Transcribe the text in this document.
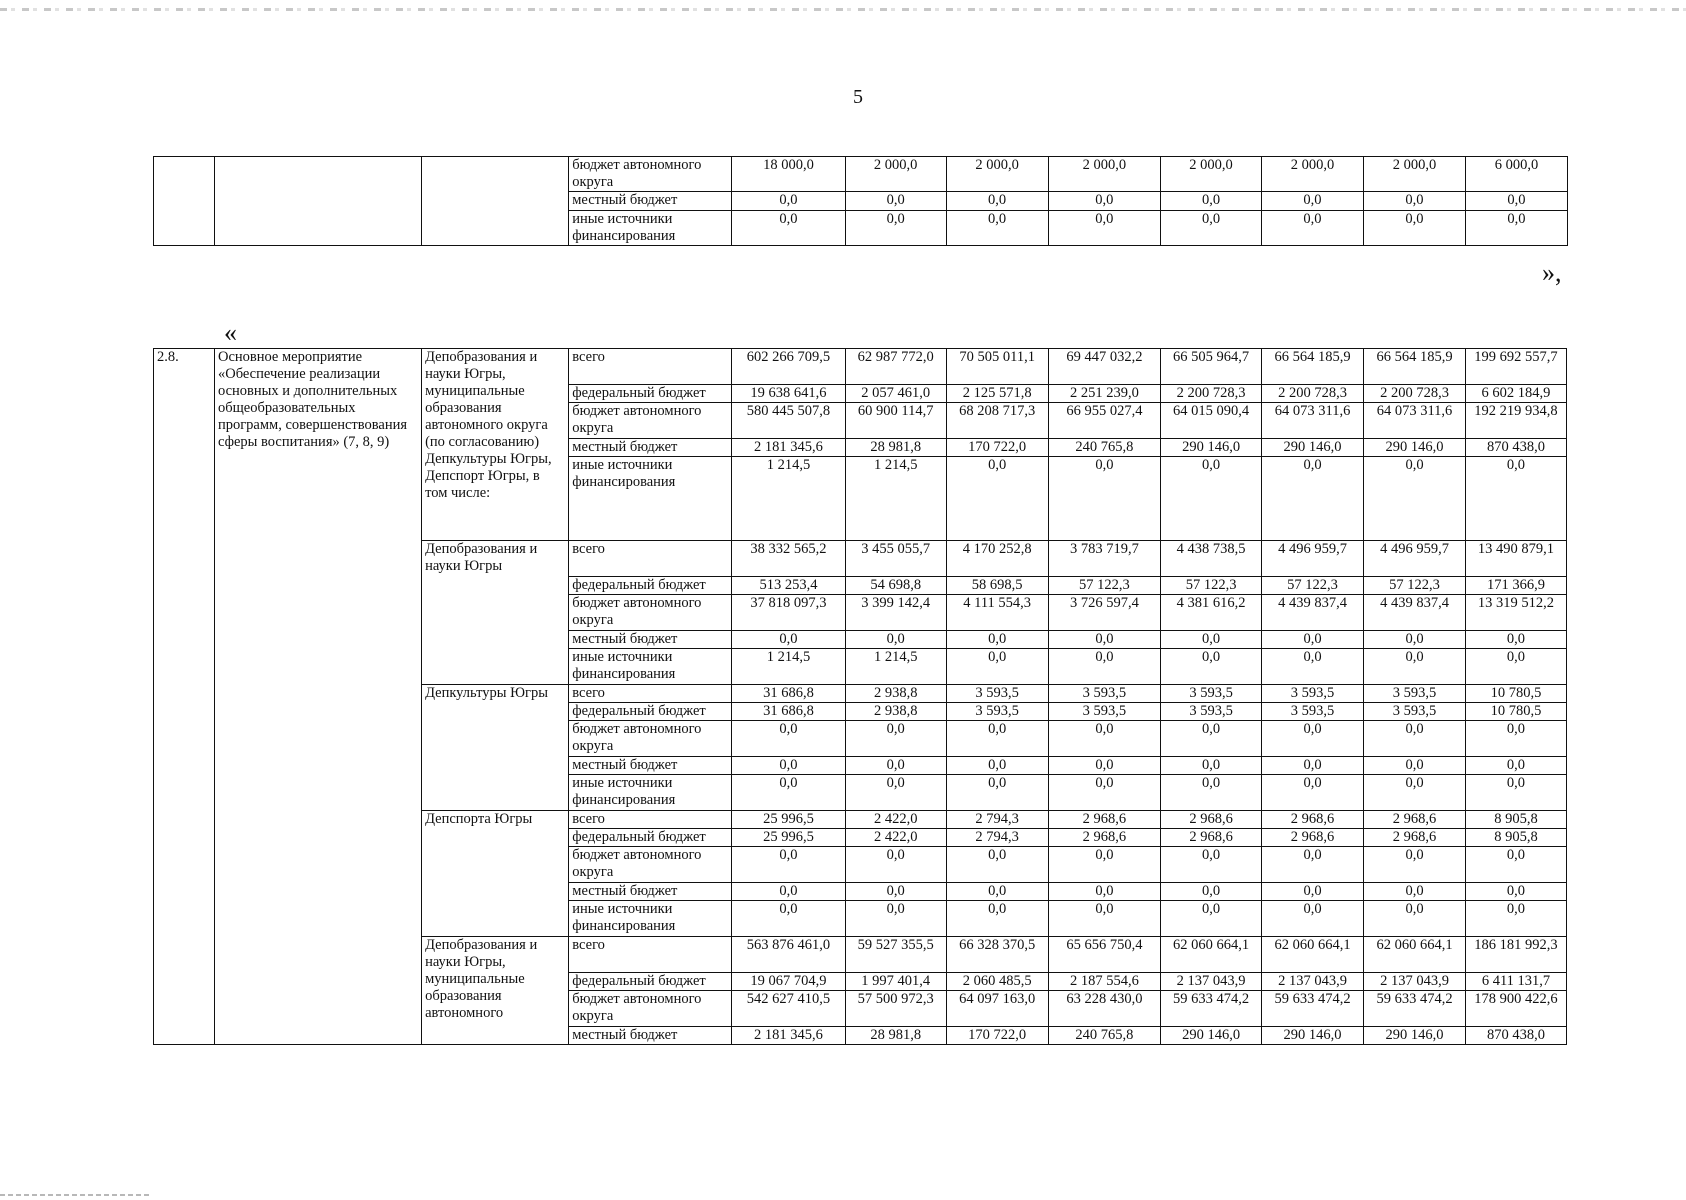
5
			бюджет автономного округа	18 000,0	2 000,0	2 000,0	2 000,0	2 000,0	2 000,0	2 000,0	6 000,0
			местный бюджет	0,0	0,0	0,0	0,0	0,0	0,0	0,0	0,0
			иные источники финансирования	0,0	0,0	0,0	0,0	0,0	0,0	0,0	0,0
»,
«
2.8.	Основное мероприятие «Обеспечение реализации основных и дополнительных общеобразовательных программ, совершенствования сферы воспитания» (7, 8, 9)	Депобразования и науки Югры, муниципальные образования автономного округа (по согласованию) Депкультуры Югры, Депспорт Югры, в том числе:	всего	602 266 709,5	62 987 772,0	70 505 011,1	69 447 032,2	66 505 964,7	66 564 185,9	66 564 185,9	199 692 557,7
			федеральный бюджет	19 638 641,6	2 057 461,0	2 125 571,8	2 251 239,0	2 200 728,3	2 200 728,3	2 200 728,3	6 602 184,9
			бюджет автономного округа	580 445 507,8	60 900 114,7	68 208 717,3	66 955 027,4	64 015 090,4	64 073 311,6	64 073 311,6	192 219 934,8
			местный бюджет	2 181 345,6	28 981,8	170 722,0	240 765,8	290 146,0	290 146,0	290 146,0	870 438,0
			иные источники финансирования	1 214,5	1 214,5	0,0	0,0	0,0	0,0	0,0	0,0
		Депобразования и науки Югры	всего	38 332 565,2	3 455 055,7	4 170 252,8	3 783 719,7	4 438 738,5	4 496 959,7	4 496 959,7	13 490 879,1
			федеральный бюджет	513 253,4	54 698,8	58 698,5	57 122,3	57 122,3	57 122,3	57 122,3	171 366,9
			бюджет автономного округа	37 818 097,3	3 399 142,4	4 111 554,3	3 726 597,4	4 381 616,2	4 439 837,4	4 439 837,4	13 319 512,2
			местный бюджет	0,0	0,0	0,0	0,0	0,0	0,0	0,0	0,0
			иные источники финансирования	1 214,5	1 214,5	0,0	0,0	0,0	0,0	0,0	0,0
		Депкультуры Югры	всего	31 686,8	2 938,8	3 593,5	3 593,5	3 593,5	3 593,5	3 593,5	10 780,5
			федеральный бюджет	31 686,8	2 938,8	3 593,5	3 593,5	3 593,5	3 593,5	3 593,5	10 780,5
			бюджет автономного округа	0,0	0,0	0,0	0,0	0,0	0,0	0,0	0,0
			местный бюджет	0,0	0,0	0,0	0,0	0,0	0,0	0,0	0,0
			иные источники финансирования	0,0	0,0	0,0	0,0	0,0	0,0	0,0	0,0
		Депспорта Югры	всего	25 996,5	2 422,0	2 794,3	2 968,6	2 968,6	2 968,6	2 968,6	8 905,8
			федеральный бюджет	25 996,5	2 422,0	2 794,3	2 968,6	2 968,6	2 968,6	2 968,6	8 905,8
			бюджет автономного округа	0,0	0,0	0,0	0,0	0,0	0,0	0,0	0,0
			местный бюджет	0,0	0,0	0,0	0,0	0,0	0,0	0,0	0,0
			иные источники финансирования	0,0	0,0	0,0	0,0	0,0	0,0	0,0	0,0
		Депобразования и науки Югры, муниципальные образования автономного	всего	563 876 461,0	59 527 355,5	66 328 370,5	65 656 750,4	62 060 664,1	62 060 664,1	62 060 664,1	186 181 992,3
			федеральный бюджет	19 067 704,9	1 997 401,4	2 060 485,5	2 187 554,6	2 137 043,9	2 137 043,9	2 137 043,9	6 411 131,7
			бюджет автономного округа	542 627 410,5	57 500 972,3	64 097 163,0	63 228 430,0	59 633 474,2	59 633 474,2	59 633 474,2	178 900 422,6
			местный бюджет	2 181 345,6	28 981,8	170 722,0	240 765,8	290 146,0	290 146,0	290 146,0	870 438,0
